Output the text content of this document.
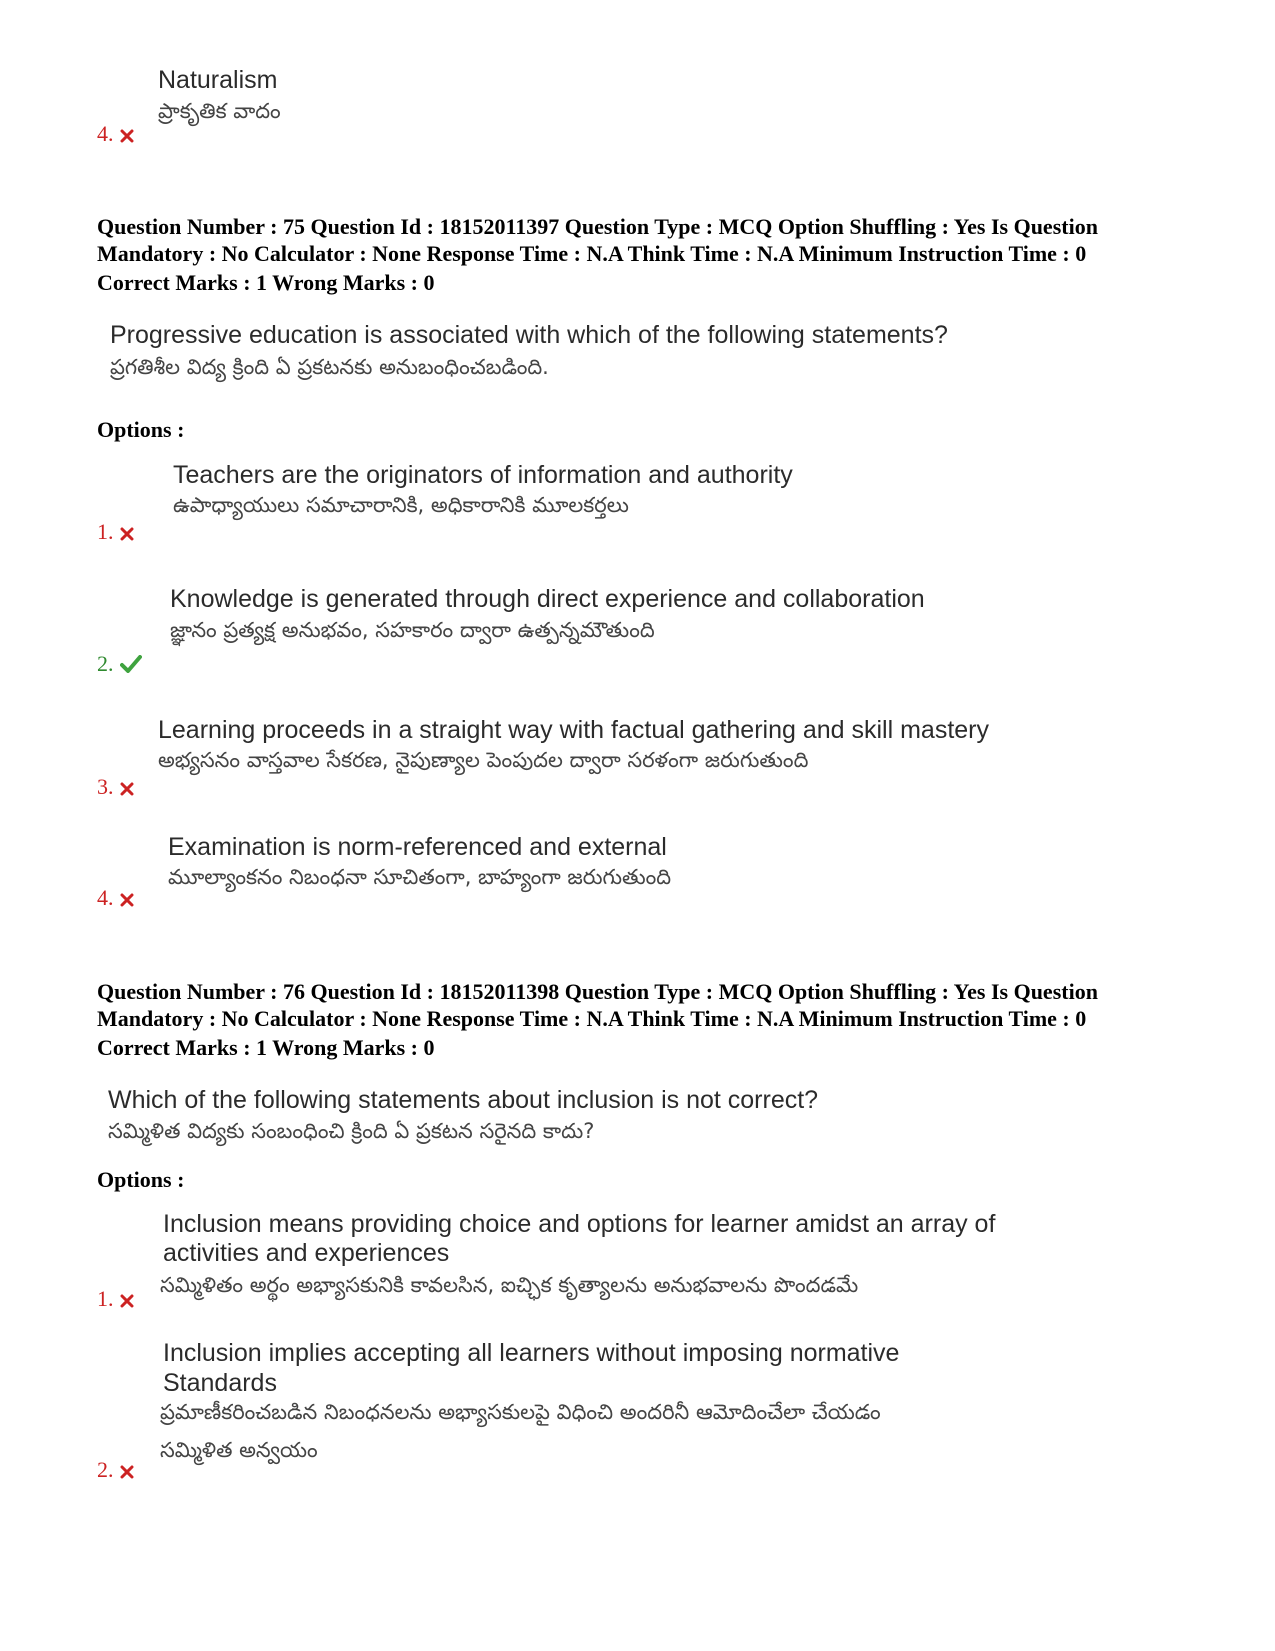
Naturalism
ప్రాకృతిక వాదం
4.
Question Number : 75 Question Id : 18152011397 Question Type : MCQ Option Shuffling : Yes Is Question
Mandatory : No Calculator : None Response Time : N.A Think Time : N.A Minimum Instruction Time : 0
Correct Marks : 1 Wrong Marks : 0
Progressive education is associated with which of the following statements?
ప్రగతిశీల విద్య క్రింది ఏ ప్రకటనకు అనుబంధించబడింది.
Options :
Teachers are the originators of information and authority
ఉపాధ్యాయులు సమాచారానికి, అధికారానికి మూలకర్తలు
1.
Knowledge is generated through direct experience and collaboration
జ్ఞానం ప్రత్యక్ష అనుభవం, సహకారం ద్వారా ఉత్పన్నమౌతుంది
2.
Learning proceeds in a straight way with factual gathering and skill mastery
అభ్యసనం వాస్తవాల సేకరణ, నైపుణ్యాల పెంపుదల ద్వారా సరళంగా జరుగుతుంది
3.
Examination is norm-referenced and external
మూల్యాంకనం నిబంధనా సూచితంగా, బాహ్యంగా జరుగుతుంది
4.
Question Number : 76 Question Id : 18152011398 Question Type : MCQ Option Shuffling : Yes Is Question
Mandatory : No Calculator : None Response Time : N.A Think Time : N.A Minimum Instruction Time : 0
Correct Marks : 1 Wrong Marks : 0
Which of the following statements about inclusion is not correct?
సమ్మిళిత విద్యకు సంబంధించి క్రింది ఏ ప్రకటన సరైనది కాదు?
Options :
Inclusion means providing choice and options for learner amidst an array of
activities and experiences
సమ్మిళితం అర్థం అభ్యాసకునికి కావలసిన, ఐచ్ఛిక కృత్యాలను అనుభవాలను పొందడమే
1.
Inclusion implies accepting all learners without imposing normative
Standards
ప్రమాణీకరించబడిన నిబంధనలను అభ్యాసకులపై విధించి అందరినీ ఆమోదించేలా చేయడం
సమ్మిళిత అన్వయం
2.
